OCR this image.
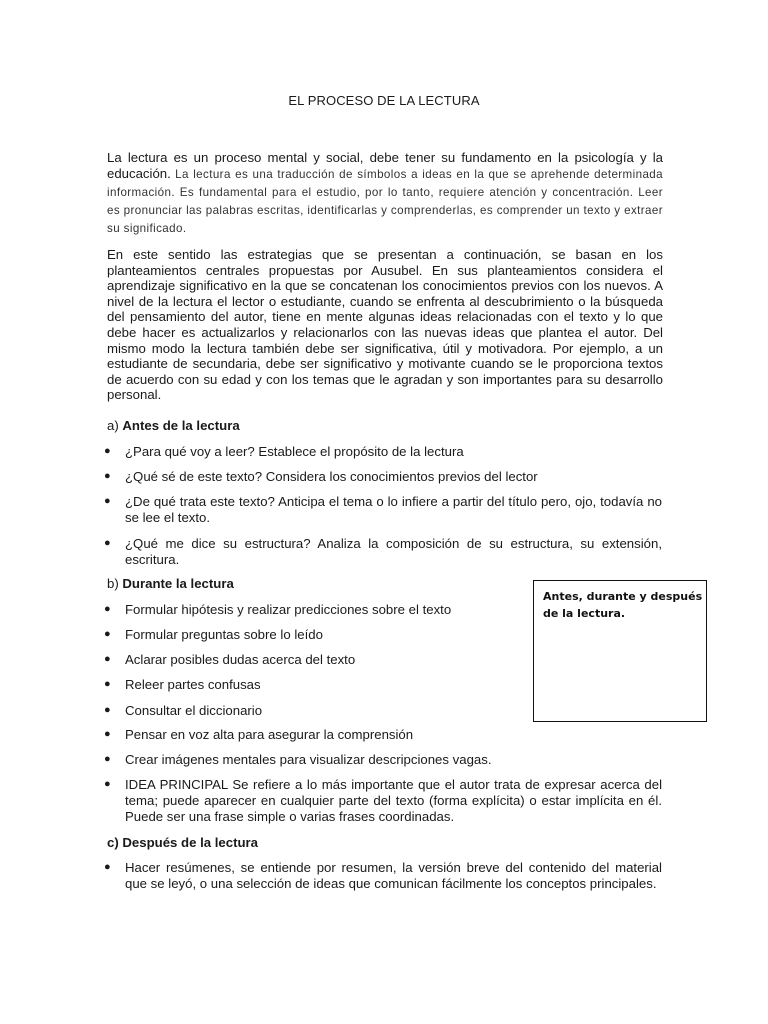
EL PROCESO DE LA LECTURA

La lectura es un proceso mental y social, debe tener su fundamento en la psicología y la educación. La lectura es una traducción de símbolos a ideas en la que se aprehende determinada información. Es fundamental para el estudio, por lo tanto, requiere atención y concentración. Leer es pronunciar las palabras escritas, identificarlas y comprenderlas, es comprender un texto y extraer su significado.

En este sentido las estrategias que se presentan a continuación, se basan en los planteamientos centrales propuestas por Ausubel. En sus planteamientos considera el aprendizaje significativo en la que se concatenan los conocimientos previos con los nuevos. A nivel de la lectura el lector o estudiante, cuando se enfrenta al descubrimiento o la búsqueda del pensamiento del autor, tiene en mente algunas ideas relacionadas con el texto y lo que debe hacer es actualizarlos y relacionarlos con las nuevas ideas que plantea el autor. Del mismo modo la lectura también debe ser significativa, útil y motivadora. Por ejemplo, a un estudiante de secundaria, debe ser significativo y motivante cuando se le proporciona textos de acuerdo con su edad y con los temas que le agradan y son importantes para su desarrollo personal.

a) Antes de la lectura
● ¿Para qué voy a leer? Establece el propósito de la lectura
● ¿Qué sé de este texto? Considera los conocimientos previos del lector
● ¿De qué trata este texto? Anticipa el tema o lo infiere a partir del título pero, ojo, todavía no se lee el texto.
● ¿Qué me dice su estructura? Analiza la composición de su estructura, su extensión, escritura.
b) Durante la lectura
● Formular hipótesis y realizar predicciones sobre el texto
● Formular preguntas sobre lo leído
● Aclarar posibles dudas acerca del texto
● Releer partes confusas
● Consultar el diccionario
● Pensar en voz alta para asegurar la comprensión
● Crear imágenes mentales para visualizar descripciones vagas.
● IDEA PRINCIPAL Se refiere a lo más importante que el autor trata de expresar acerca del tema; puede aparecer en cualquier parte del texto (forma explícita) o estar implícita en él. Puede ser una frase simple o varias frases coordinadas.
c) Después de la lectura
● Hacer resúmenes, se entiende por resumen, la versión breve del contenido del material que se leyó, o una selección de ideas que comunican fácilmente los conceptos principales.
Antes, durante y después de la lectura.
